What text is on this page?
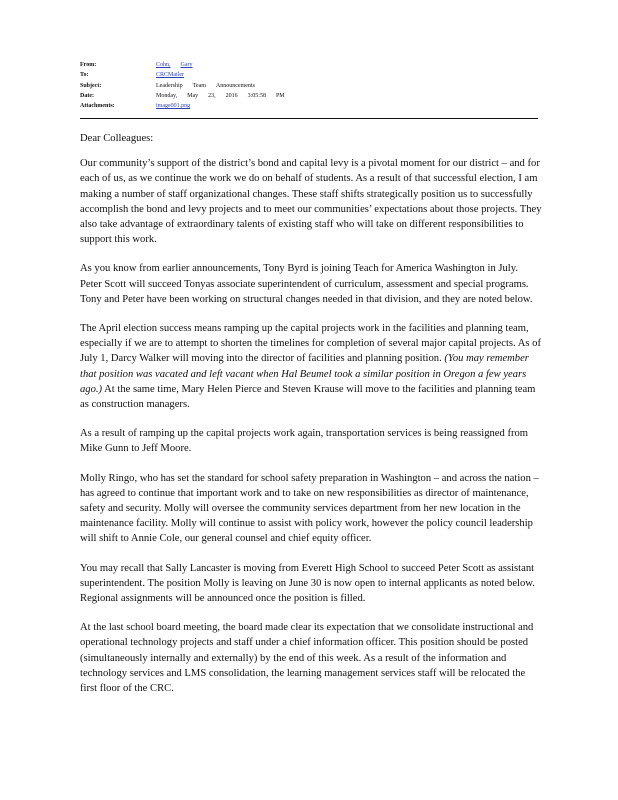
From:	Cohn, Gary
To:	CRCMailer
Subject:	Leadership Team Announcements
Date:	Monday, May 23, 2016 3:05:58 PM
Attachments:	image001.png

Dear Colleagues:

Our community’s support of the district’s bond and capital levy is a pivotal moment for our district – and for each of us, as we continue the work we do on behalf of students. As a result of that successful election, I am making a number of staff organizational changes. These staff shifts strategically position us to successfully accomplish the bond and levy projects and to meet our communities’ expectations about those projects. They also take advantage of extraordinary talents of existing staff who will take on different responsibilities to support this work.

As you know from earlier announcements, Tony Byrd is joining Teach for America Washington in July. Peter Scott will succeed Tonyas associate superintendent of curriculum, assessment and special programs. Tony and Peter have been working on structural changes needed in that division, and they are noted below.

The April election success means ramping up the capital projects work in the facilities and planning team, especially if we are to attempt to shorten the timelines for completion of several major capital projects. As of July 1, Darcy Walker will moving into the director of facilities and planning position. (You may remember that position was vacated and left vacant when Hal Beumel took a similar position in Oregon a few years ago.) At the same time, Mary Helen Pierce and Steven Krause will move to the facilities and planning team as construction managers.

As a result of ramping up the capital projects work again, transportation services is being reassigned from Mike Gunn to Jeff Moore.

Molly Ringo, who has set the standard for school safety preparation in Washington – and across the nation – has agreed to continue that important work and to take on new responsibilities as director of maintenance, safety and security. Molly will oversee the community services department from her new location in the maintenance facility. Molly will continue to assist with policy work, however the policy council leadership will shift to Annie Cole, our general counsel and chief equity officer.

You may recall that Sally Lancaster is moving from Everett High School to succeed Peter Scott as assistant superintendent. The position Molly is leaving on June 30 is now open to internal applicants as noted below. Regional assignments will be announced once the position is filled.

At the last school board meeting, the board made clear its expectation that we consolidate instructional and operational technology projects and staff under a chief information officer. This position should be posted (simultaneously internally and externally) by the end of this week. As a result of the information and technology services and LMS consolidation, the learning management services staff will be relocated the first floor of the CRC.
